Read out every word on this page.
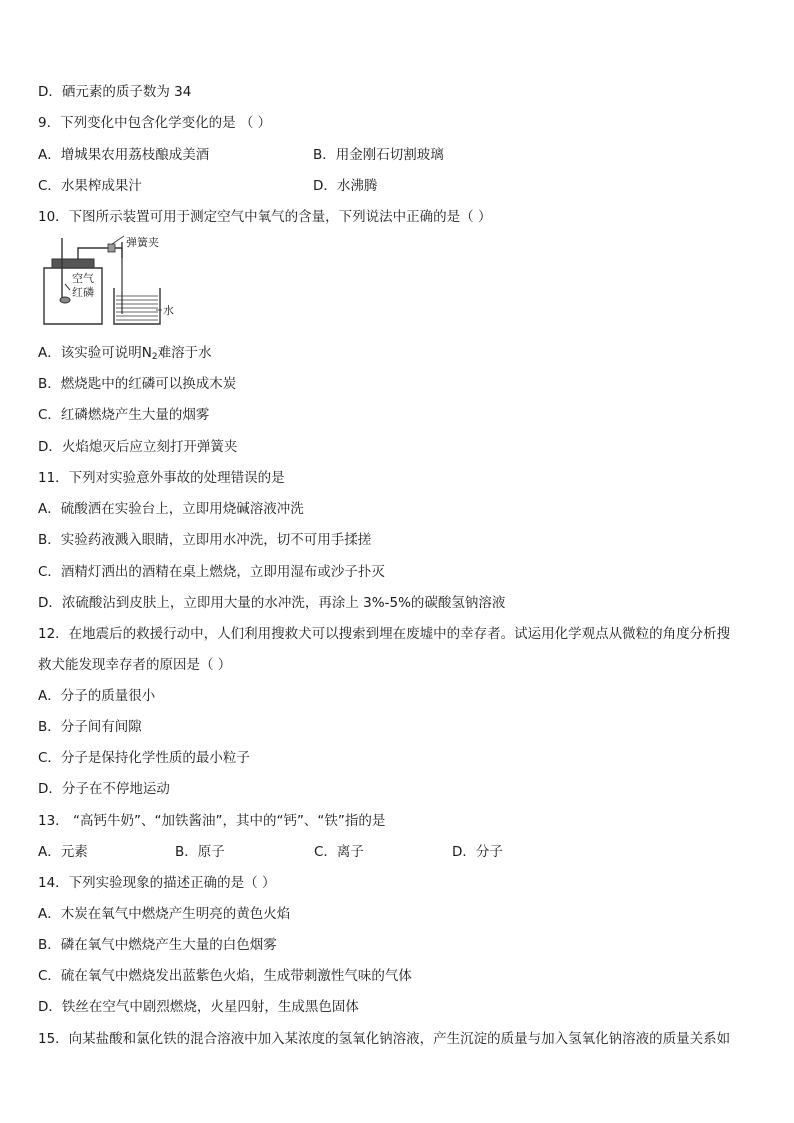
D．硒元素的质子数为 34
9．下列变化中包含化学变化的是 （ ）
A．增城果农用荔枝酿成美酒	B．用金刚石切割玻璃
C．水果榨成果汁	D．水沸腾
10．下图所示装置可用于测定空气中氧气的含量，下列说法中正确的是（ ）
弹簧夹
空气
红磷
水
A．该实验可说明$N_2$难溶于水
B．燃烧匙中的红磷可以换成木炭
C．红磷燃烧产生大量的烟雾
D．火焰熄灭后应立刻打开弹簧夹
11．下列对实验意外事故的处理错误的是
A．硫酸洒在实验台上，立即用烧碱溶液冲洗
B．实验药液溅入眼睛，立即用水冲洗，切不可用手揉搓
C．酒精灯洒出的酒精在桌上燃烧，立即用湿布或沙子扑灭
D．浓硫酸沾到皮肤上，立即用大量的水冲洗，再涂上 3%-5%的碳酸氢钠溶液
12．在地震后的救援行动中，人们利用搜救犬可以搜索到埋在废墟中的幸存者。试运用化学观点从微粒的角度分析搜
救犬能发现幸存者的原因是（ ）
A．分子的质量很小
B．分子间有间隙
C．分子是保持化学性质的最小粒子
D．分子在不停地运动
13． “高钙牛奶”、“加铁酱油”，其中的“钙”、“铁”指的是
A．元素	B．原子	C．离子	D．分子
14．下列实验现象的描述正确的是（ ）
A．木炭在氧气中燃烧产生明亮的黄色火焰
B．磷在氧气中燃烧产生大量的白色烟雾
C．硫在氧气中燃烧发出蓝紫色火焰，生成带刺激性气味的气体
D．铁丝在空气中剧烈燃烧，火星四射，生成黑色固体
15．向某盐酸和氯化铁的混合溶液中加入某浓度的氢氧化钠溶液，产生沉淀的质量与加入氢氧化钠溶液的质量关系如
